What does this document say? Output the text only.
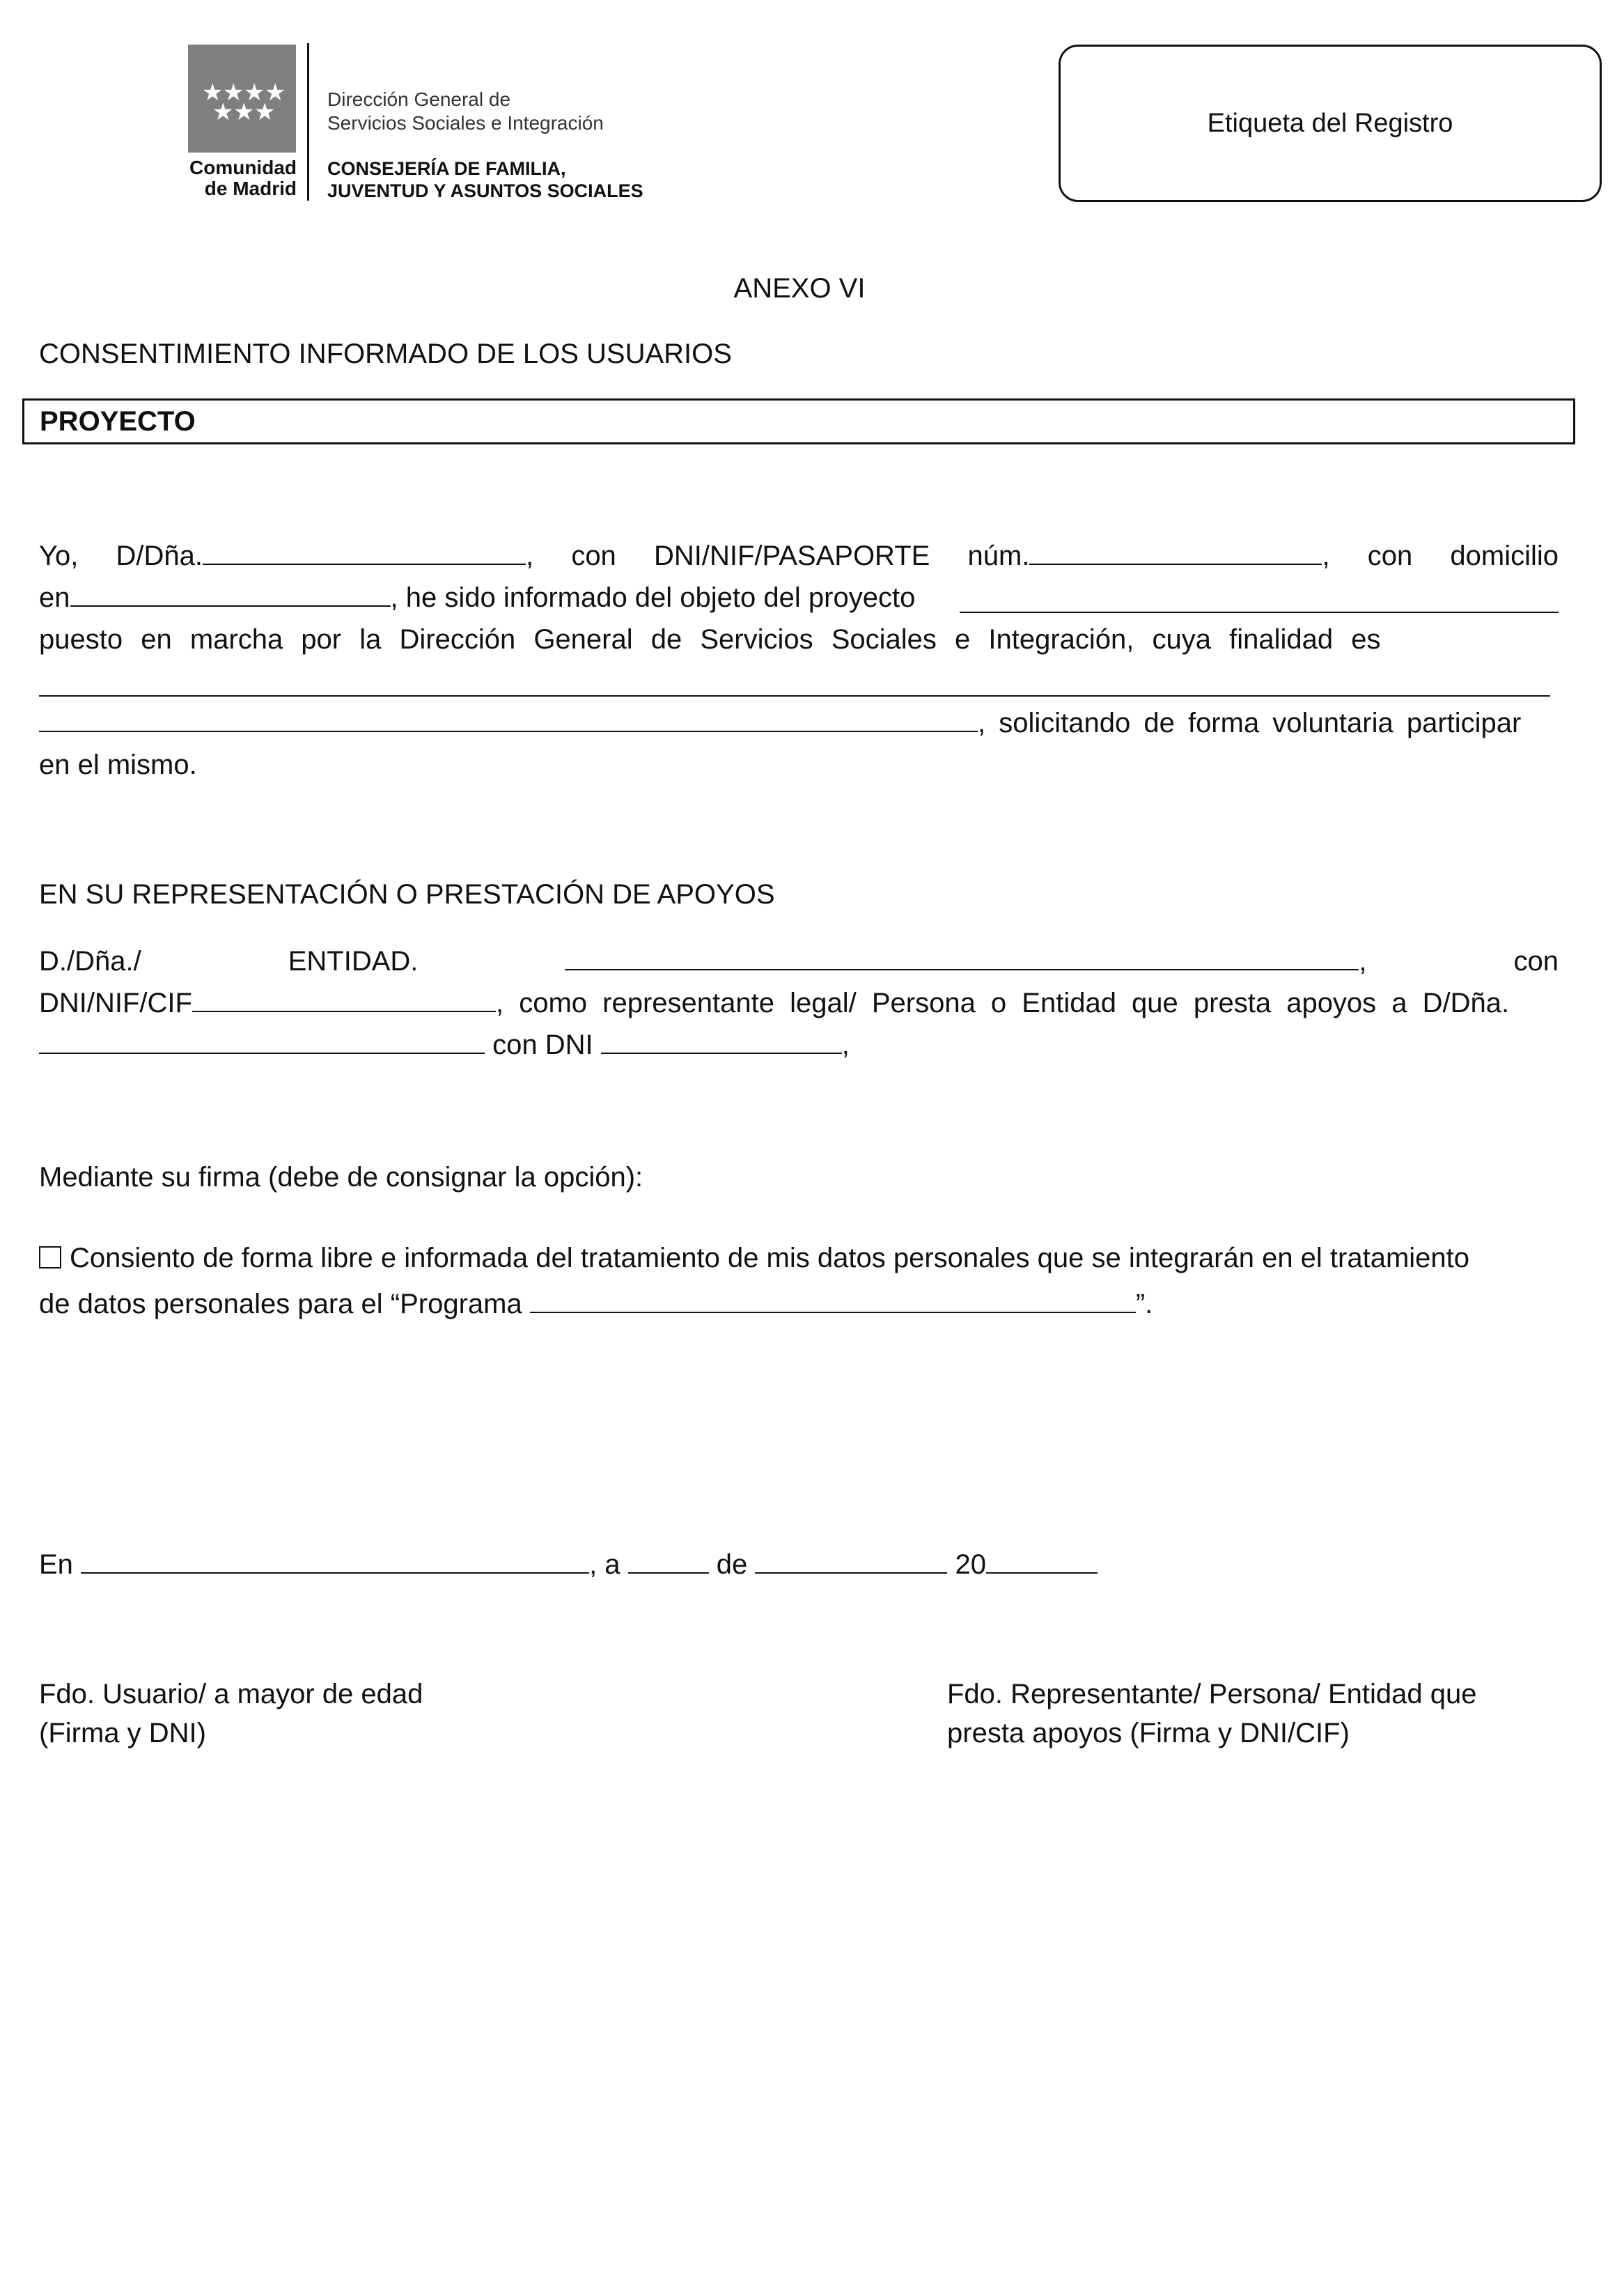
★ ★ ★ ★
★ ★ ★
Comunidad
de Madrid
Dirección General de
Servicios Sociales e Integración
CONSEJERÍA DE FAMILIA,
JUVENTUD Y ASUNTOS SOCIALES
Etiqueta del Registro
ANEXO VI
CONSENTIMIENTO INFORMADO DE LOS USUARIOS
PROYECTO
Yo, D/Dña.	, con DNI/NIF/PASAPORTE núm.	, con domicilio
en	, he sido informado del objeto del proyecto
puesto en marcha por la Dirección General de Servicios Sociales e Integración, cuya finalidad es
, solicitando de forma voluntaria participar
en el mismo.
EN SU REPRESENTACIÓN O PRESTACIÓN DE APOYOS
D./Dña./	ENTIDAD.	,	con
DNI/NIF/CIF	, como representante legal/ Persona o Entidad que presta apoyos a D/Dña.
con DNI	,
Mediante su firma (debe de consignar la opción):
Consiento de forma libre e informada del tratamiento de mis datos personales que se integrarán en el tratamiento
de datos personales para el “Programa	”.
En	, a	de	20
Fdo. Usuario/ a mayor de edad
(Firma y DNI)
Fdo. Representante/ Persona/ Entidad que
presta apoyos (Firma y DNI/CIF)
